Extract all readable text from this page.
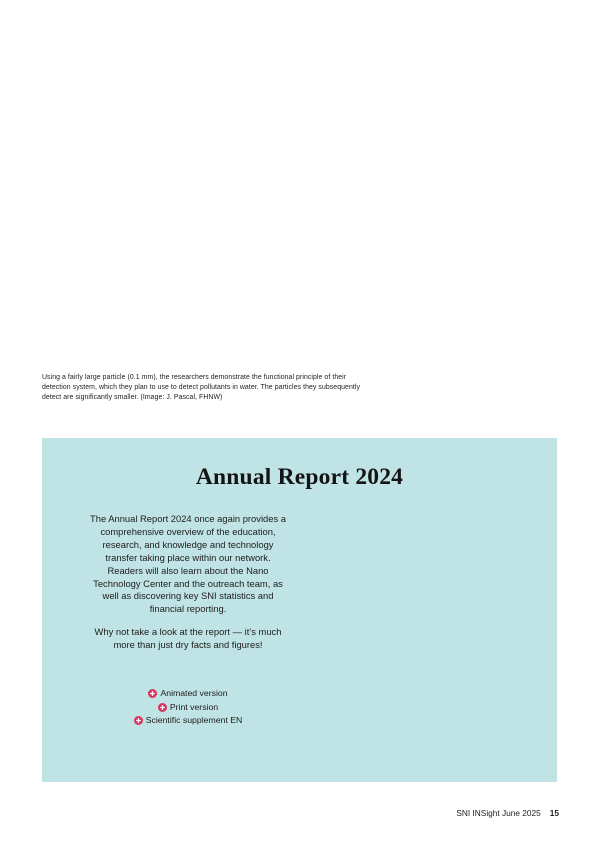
Using a fairly large particle (0.1 mm), the researchers demonstrate the functional principle of their
detection system, which they plan to use to detect pollutants in water. The particles they subsequently
detect are significantly smaller. (Image: J. Pascal, FHNW)
Annual Report 2024
The Annual Report 2024 once again provides a
comprehensive overview of the education,
research, and knowledge and technology
transfer taking place within our network.
Readers will also learn about the Nano
Technology Center and the outreach team, as
well as discovering key SNI statistics and
financial reporting.
Why not take a look at the report — it’s much
more than just dry facts and figures!
Animated version
Print version
Scientific supplement EN
SNI INSight June 2025 15
